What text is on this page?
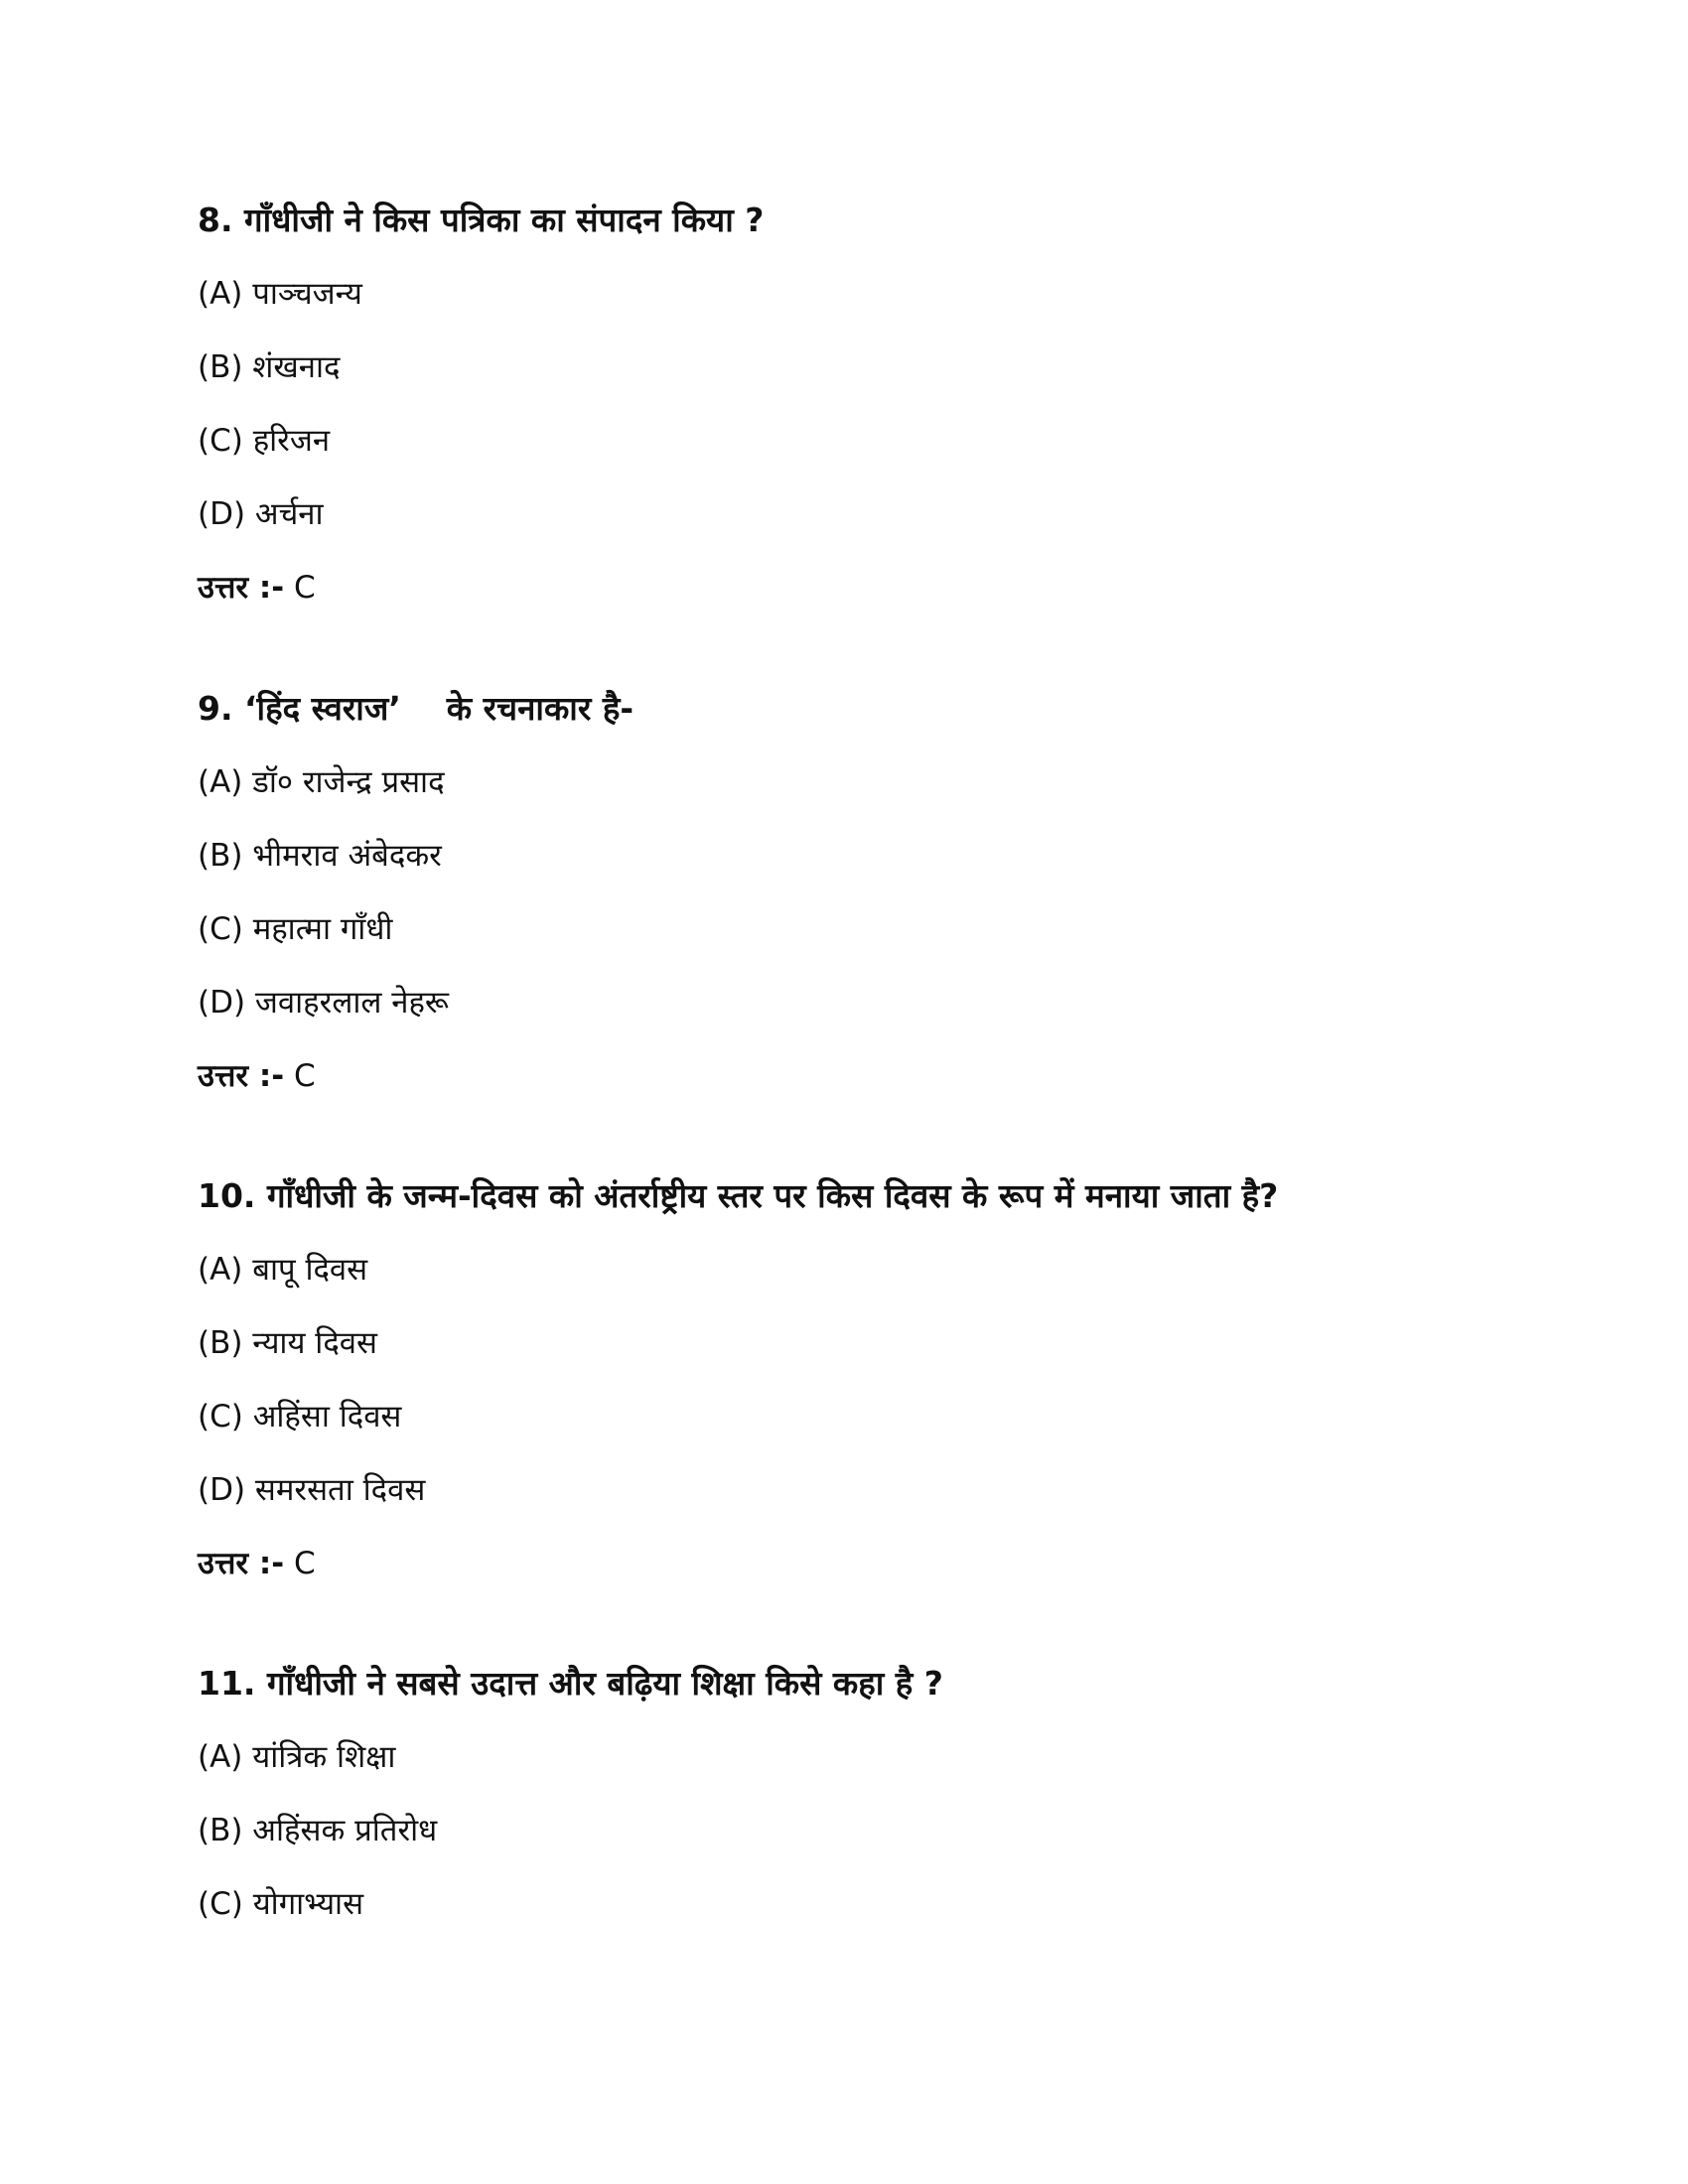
8. गाँधीजी ने किस पत्रिका का संपादन किया ?
(A) पाञ्चजन्य
(B) शंखनाद
(C) हरिजन
(D) अर्चना
उत्तर :- C
9. ‘हिंद स्वराज’    के रचनाकार है-
(A) डॉ० राजेन्द्र प्रसाद
(B) भीमराव अंबेदकर
(C) महात्मा गाँधी
(D) जवाहरलाल नेहरू
उत्तर :- C
10. गाँधीजी के जन्म-दिवस को अंतर्राष्ट्रीय स्तर पर किस दिवस के रूप में मनाया जाता है?
(A) बापू दिवस
(B) न्याय दिवस
(C) अहिंसा दिवस
(D) समरसता दिवस
उत्तर :- C
11. गाँधीजी ने सबसे उदात्त और बढ़िया शिक्षा किसे कहा है ?
(A) यांत्रिक शिक्षा
(B) अहिंसक प्रतिरोध
(C) योगाभ्यास
